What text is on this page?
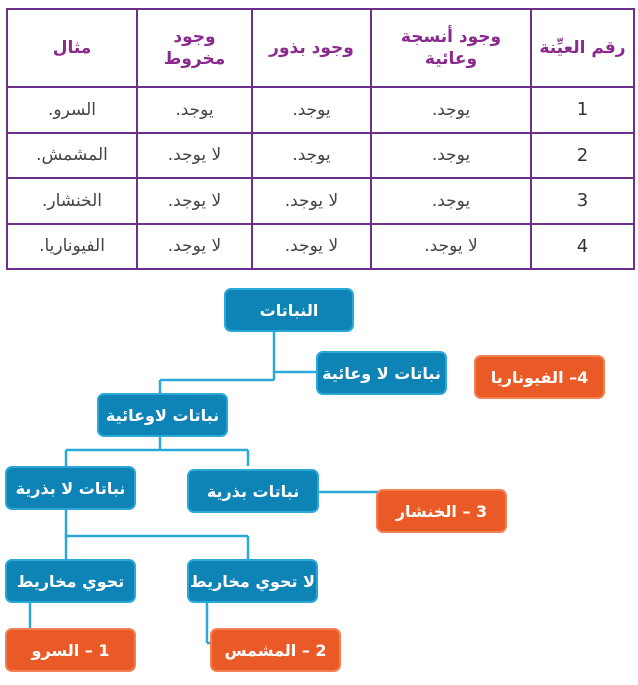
رقم العيِّنة	وجود أنسجة وعائية	وجود بذور	وجود مخروط	مثال
1	يوجد.	يوجد.	يوجد.	السرو.
2	يوجد.	يوجد.	لا يوجد.	المشمش.
3	يوجد.	لا يوجد.	لا يوجد.	الخنشار.
4	لا يوجد.	لا يوجد.	لا يوجد.	الفيوناريا.
النباتات
نباتات لا وعائية	4– الفيوناريا
نباتات لاوعائية
نباتات بذرية
3 – الخنشار
نباتات لا بذرية
لا تحوي مخاريط
تحوي مخاريط
2 – المشمس
1 – السرو
